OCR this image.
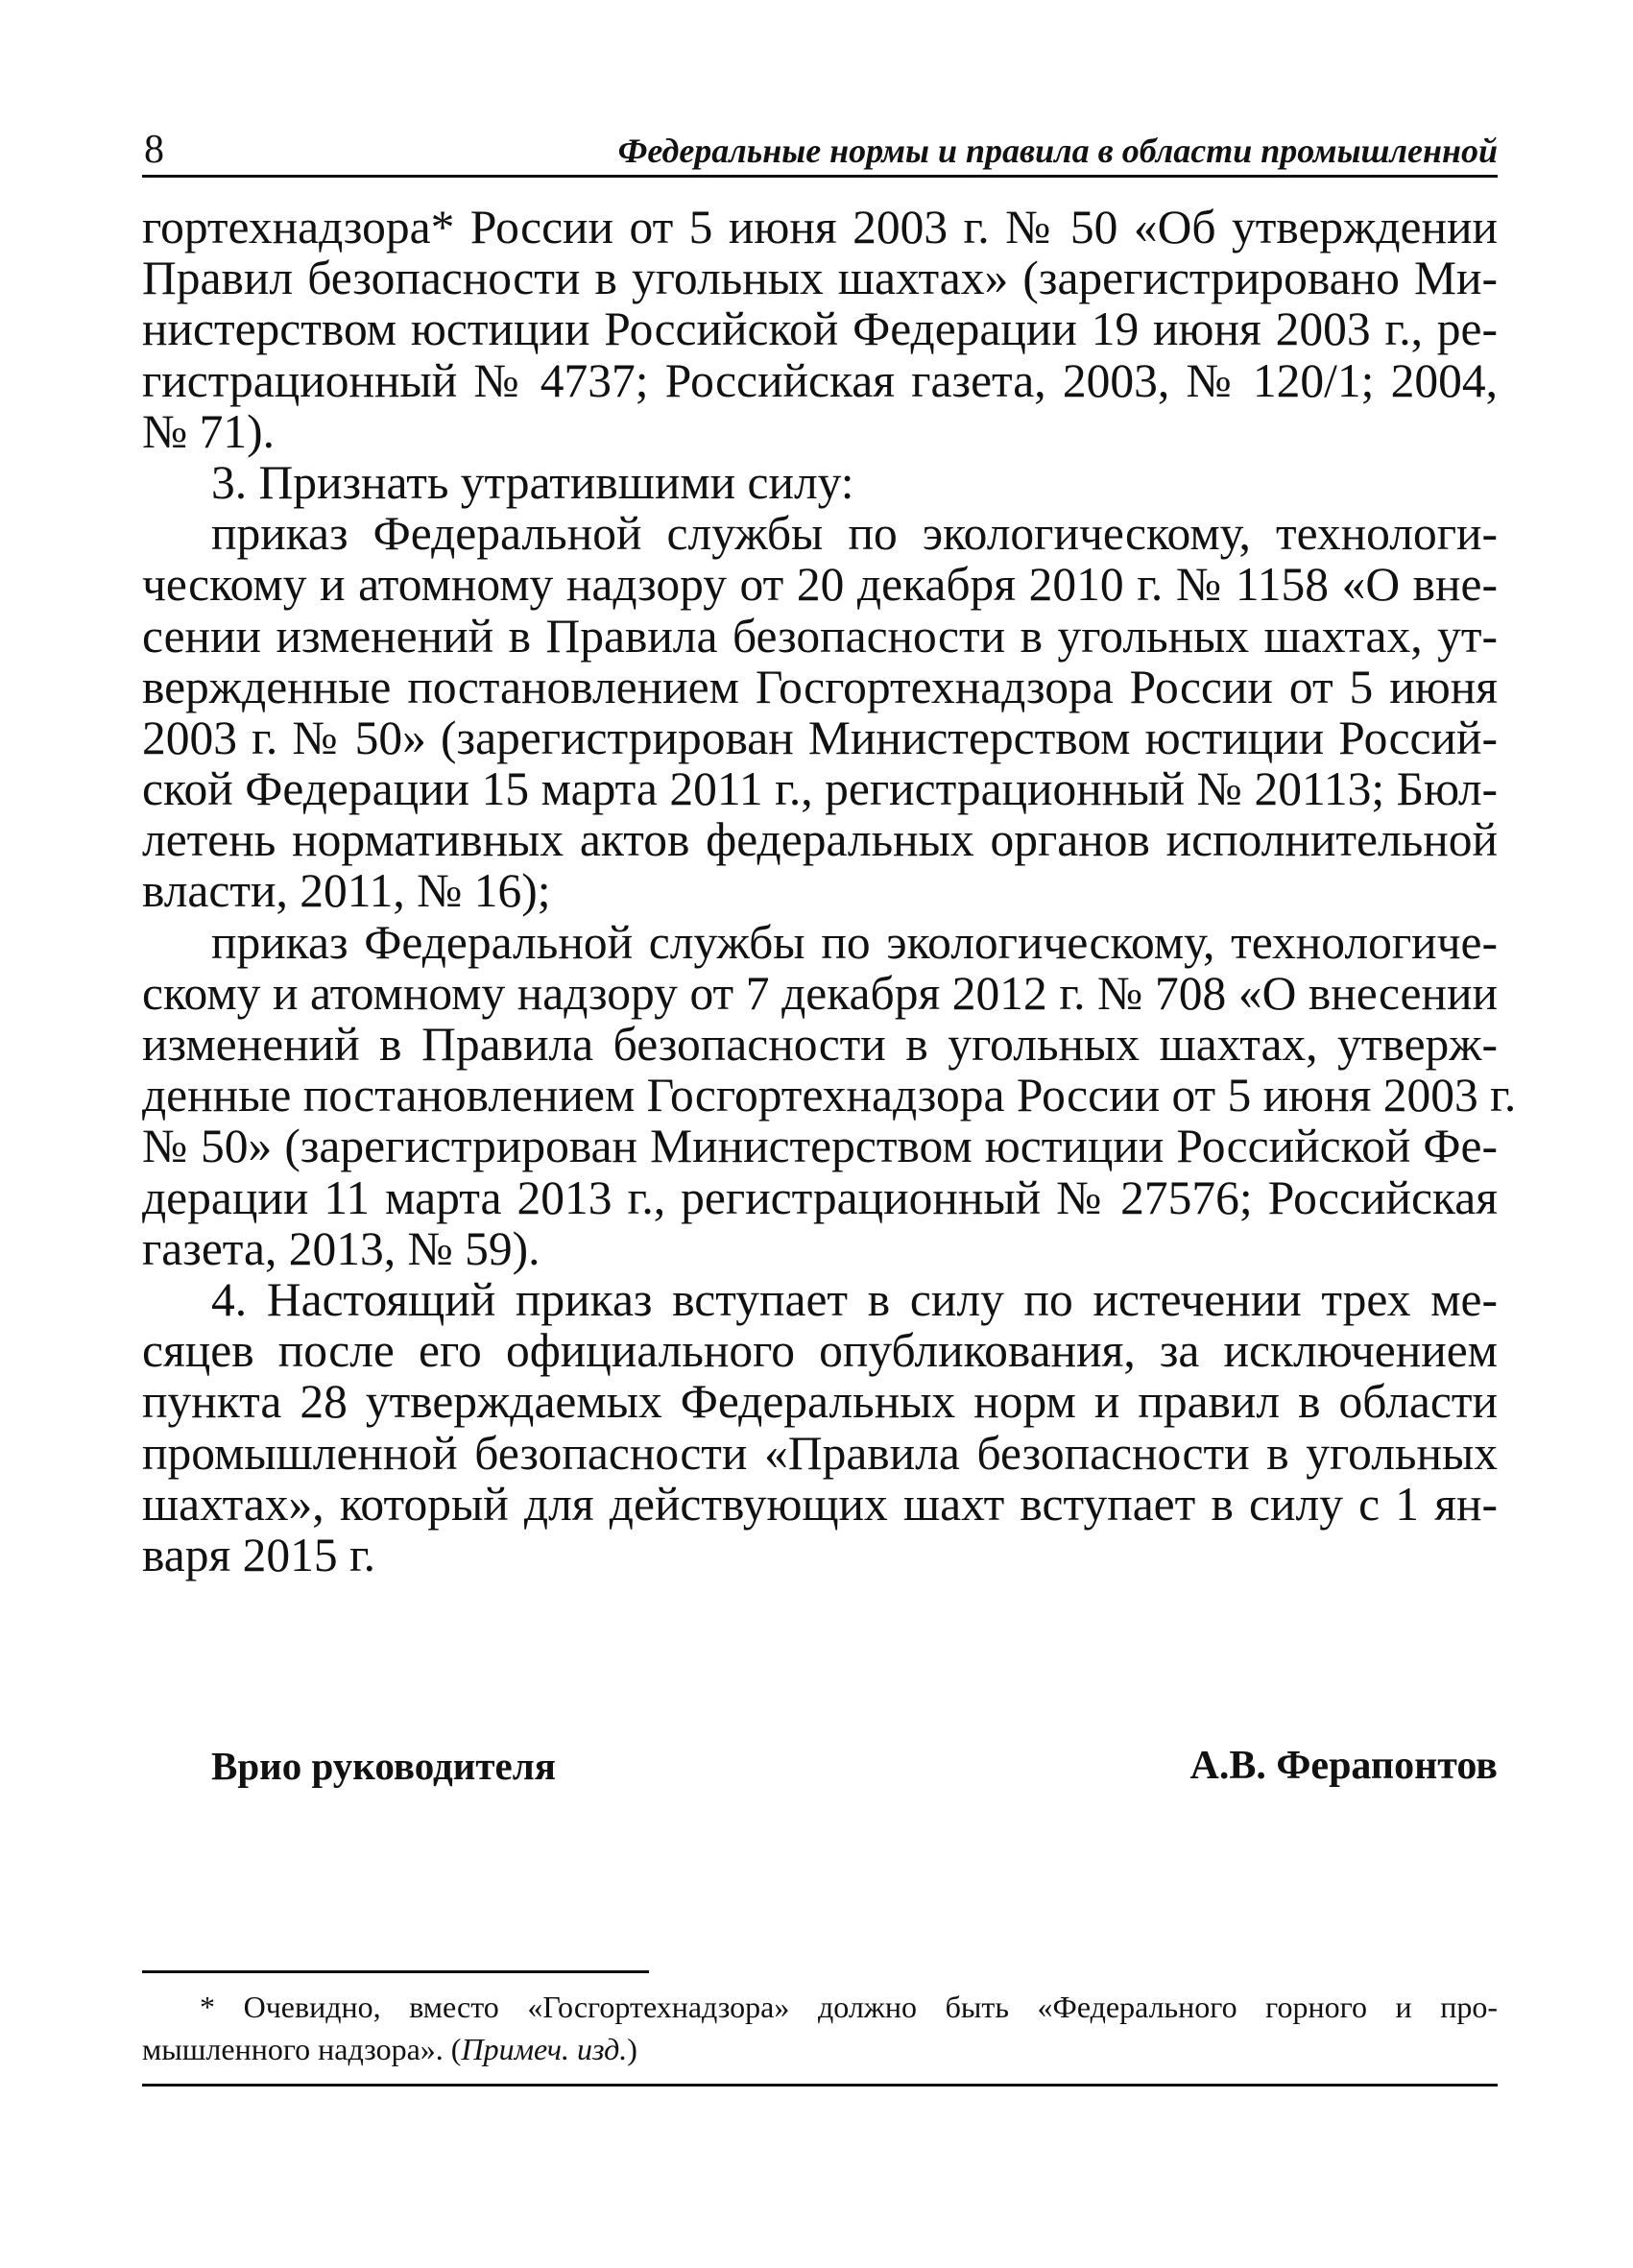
8	Федеральные нормы и правила в области промышленной
гортехнадзора* России от 5 июня 2003 г. № 50 «Об утверждении
Правил безопасности в угольных шахтах» (зарегистрировано Ми-
нистерством юстиции Российской Федерации 19 июня 2003 г., ре-
гистрационный № 4737; Российская газета, 2003, № 120/1; 2004,
№ 71).
3. Признать утратившими силу:
приказ Федеральной службы по экологическому, технологи-
ческому и атомному надзору от 20 декабря 2010 г. № 1158 «О вне-
сении изменений в Правила безопасности в угольных шахтах, ут-
вержденные постановлением Госгортехнадзора России от 5 июня
2003 г. № 50» (зарегистрирован Министерством юстиции Россий-
ской Федерации 15 марта 2011 г., регистрационный № 20113; Бюл-
летень нормативных актов федеральных органов исполнительной
власти, 2011, № 16);
приказ Федеральной службы по экологическому, технологиче-
скому и атомному надзору от 7 декабря 2012 г. № 708 «О внесении
изменений в Правила безопасности в угольных шахтах, утверж-
денные постановлением Госгортехнадзора России от 5 июня 2003 г.
№ 50» (зарегистрирован Министерством юстиции Российской Фе-
дерации 11 марта 2013 г., регистрационный № 27576; Российская
газета, 2013, № 59).
4. Настоящий приказ вступает в силу по истечении трех ме-
сяцев после его официального опубликования, за исключением
пункта 28 утверждаемых Федеральных норм и правил в области
промышленной безопасности «Правила безопасности в угольных
шахтах», который для действующих шахт вступает в силу с 1 ян-
варя 2015 г.
Врио руководителя	А.В. Ферапонтов
* Очевидно, вместо «Госгортехнадзора» должно быть «Федерального горного и про-
мышленного надзора». (Примеч. изд.)
